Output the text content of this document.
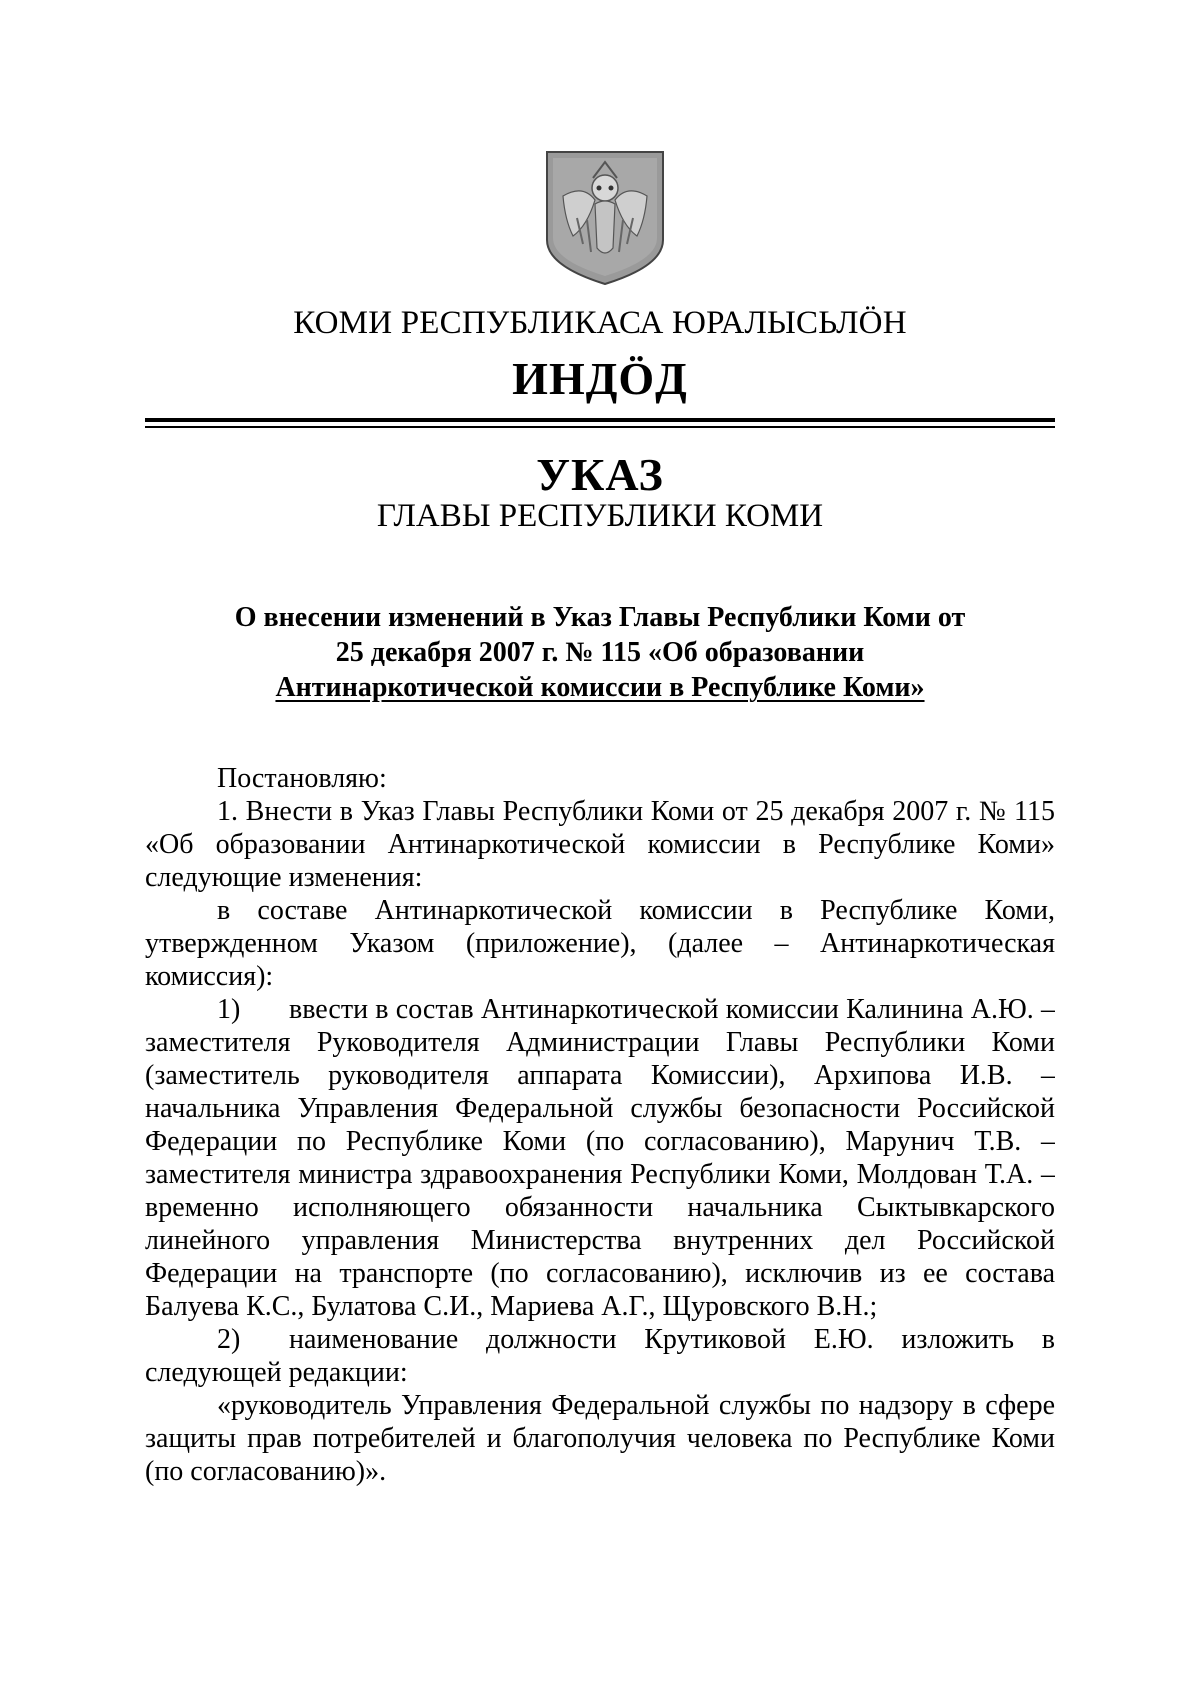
КОМИ РЕСПУБЛИКАСА ЮРАЛЫСЬЛӦН
ИНДӦД
УКАЗ
ГЛАВЫ РЕСПУБЛИКИ КОМИ
О внесении изменений в Указ Главы Республики Коми от
25 декабря 2007 г. № 115 «Об образовании
Антинаркотической комиссии в Республике Коми»
Постановляю:
1. Внести в Указ Главы Республики Коми от 25 декабря 2007 г. № 115
«Об образовании Антинаркотической комиссии в Республике Коми»
следующие изменения:
в составе Антинаркотической комиссии в Республике Коми,
утвержденном Указом (приложение), (далее – Антинаркотическая
комиссия):
1)	ввести в состав Антинаркотической комиссии Калинина А.Ю. –
заместителя Руководителя Администрации Главы Республики Коми
(заместитель руководителя аппарата Комиссии), Архипова И.В. –
начальника Управления Федеральной службы безопасности Российской
Федерации по Республике Коми (по согласованию), Марунич Т.В. –
заместителя министра здравоохранения Республики Коми, Молдован Т.А. –
временно исполняющего обязанности начальника Сыктывкарского
линейного управления Министерства внутренних дел Российской
Федерации на транспорте (по согласованию), исключив из ее состава
Балуева К.С., Булатова С.И., Мариева А.Г., Щуровского В.Н.;
2)	наименование должности Крутиковой Е.Ю. изложить в
следующей редакции:
«руководитель Управления Федеральной службы по надзору в сфере
защиты прав потребителей и благополучия человека по Республике Коми
(по согласованию)».
